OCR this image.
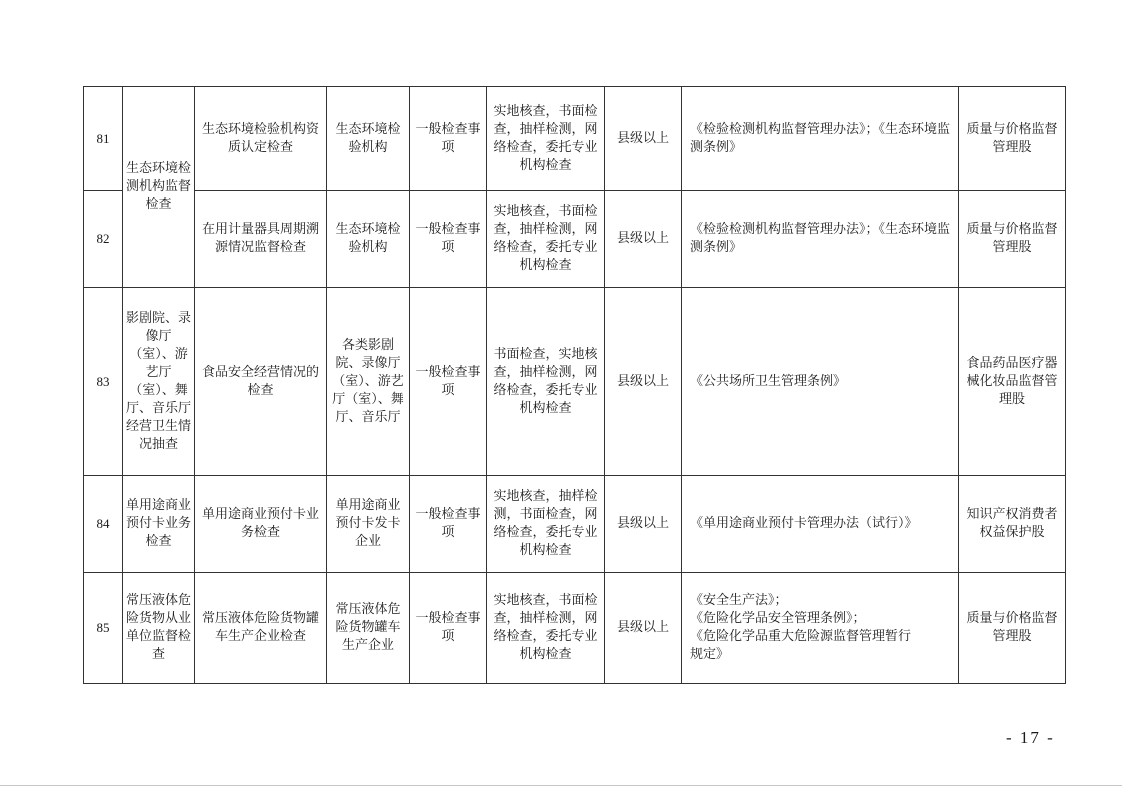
81	生态环境检测机构监督检查	生态环境检验机构资质认定检查	生态环境检验机构	一般检查事项	实地核查，书面检查，抽样检测，网络检查，委托专业机构检查	县级以上	《检验检测机构监督管理办法》；《生态环境监测条例》	质量与价格监督管理股
82		在用计量器具周期溯源情况监督检查	生态环境检验机构	一般检查事项	实地核查，书面检查，抽样检测，网络检查，委托专业机构检查	县级以上	《检验检测机构监督管理办法》；《生态环境监测条例》	质量与价格监督管理股
83	影剧院、录像厅（室）、游艺厅（室）、舞厅、音乐厅经营卫生情况抽查	食品安全经营情况的检查	各类影剧院、录像厅（室）、游艺厅（室）、舞厅、音乐厅	一般检查事项	书面检查，实地核查，抽样检测，网络检查，委托专业机构检查	县级以上	《公共场所卫生管理条例》	食品药品医疗器械化妆品监督管理股
84	单用途商业预付卡业务检查	单用途商业预付卡业务检查	单用途商业预付卡发卡企业	一般检查事项	实地核查，抽样检测，书面检查，网络检查，委托专业机构检查	县级以上	《单用途商业预付卡管理办法（试行）》	知识产权消费者权益保护股
85	常压液体危险货物从业单位监督检查	常压液体危险货物罐车生产企业检查	常压液体危险货物罐车生产企业	一般检查事项	实地核查，书面检查，抽样检测，网络检查，委托专业机构检查	县级以上	《安全生产法》；
《危险化学品安全管理条例》；
《危险化学品重大危险源监督管理暂行
规定》	质量与价格监督管理股
- 17 -
